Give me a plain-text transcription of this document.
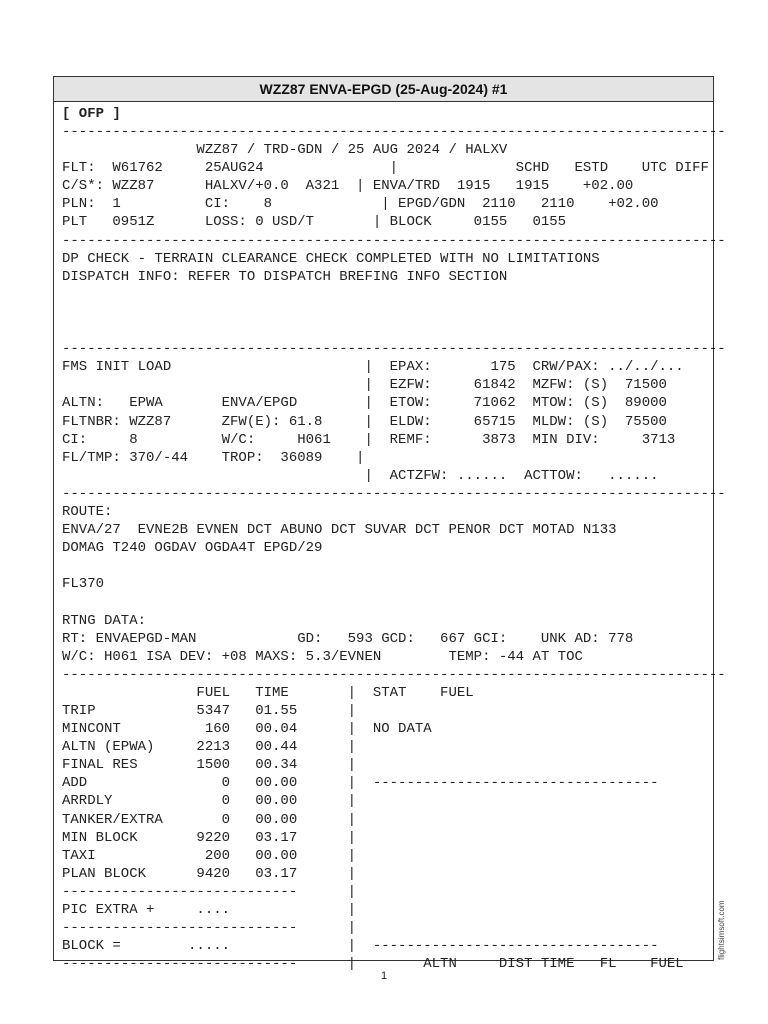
WZZ87 ENVA-EPGD (25-Aug-2024) #1
[ OFP ]
-------------------------------------------------------------------------------
WZZ87 / TRD-GDN / 25 AUG 2024 / HALXV
FLT:  W61762     25AUG24               |              SCHD   ESTD    UTC DIFF
C/S*: WZZ87      HALXV/+0.0  A321  | ENVA/TRD  1915   1915    +02.00
PLN:  1          CI:    8             | EPGD/GDN  2110   2110    +02.00
PLT   0951Z      LOSS: 0 USD/T       | BLOCK     0155   0155
-------------------------------------------------------------------------------
DP CHECK - TERRAIN CLEARANCE CHECK COMPLETED WITH NO LIMITATIONS
DISPATCH INFO: REFER TO DISPATCH BREFING INFO SECTION

-------------------------------------------------------------------------------
FMS INIT LOAD                       |  EPAX:       175  CRW/PAX: ../../...
|  EZFW:     61842  MZFW: (S)  71500
ALTN:   EPWA       ENVA/EPGD        |  ETOW:     71062  MTOW: (S)  89000
FLTNBR: WZZ87      ZFW(E): 61.8     |  ELDW:     65715  MLDW: (S)  75500
CI:     8          W/C:     H061    |  REMF:      3873  MIN DIV:     3713
FL/TMP: 370/-44    TROP:  36089    |
|  ACTZFW: ......  ACTTOW:   ......
-------------------------------------------------------------------------------
ROUTE:
ENVA/27  EVNE2B EVNEN DCT ABUNO DCT SUVAR DCT PENOR DCT MOTAD N133
DOMAG T240 OGDAV OGDA4T EPGD/29

FL370

RTNG DATA:
RT: ENVAEPGD-MAN            GD:   593 GCD:   667 GCI:    UNK AD: 778
W/C: H061 ISA DEV: +08 MAXS: 5.3/EVNEN        TEMP: -44 AT TOC
-------------------------------------------------------------------------------
FUEL   TIME       |  STAT    FUEL
TRIP            5347   01.55      |
MINCONT          160   00.04      |  NO DATA
ALTN (EPWA)     2213   00.44      |
FINAL RES       1500   00.34      |
ADD                0   00.00      |  ----------------------------------
ARRDLY             0   00.00      |
TANKER/EXTRA       0   00.00      |
MIN BLOCK       9220   03.17      |
TAXI             200   00.00      |
PLAN BLOCK      9420   03.17      |
----------------------------      |
PIC EXTRA +     ....              |
----------------------------      |
BLOCK =        .....              |  ----------------------------------
----------------------------      |        ALTN     DIST TIME   FL    FUEL
flightsimsoft.com
1
